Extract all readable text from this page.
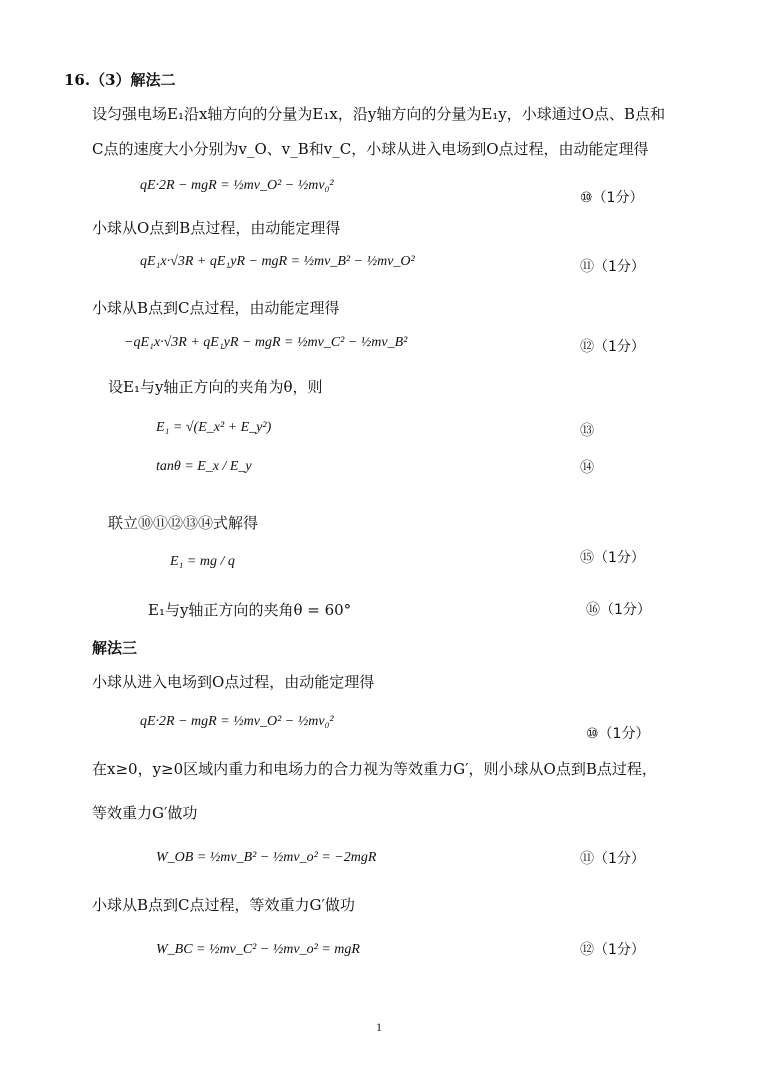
16.（3）解法二
设匀强电场E₁沿x轴方向的分量为E₁x，沿y轴方向的分量为E₁y，小球通过O点、B点和
C点的速度大小分别为v_O、v_B和v_C，小球从进入电场到O点过程，由动能定理得
qE·2R − mgR = ½mv_O² − ½mv₀²
⑩（1分）
小球从O点到B点过程，由动能定理得
qE₁x·√3R + qE₁yR − mgR = ½mv_B² − ½mv_O²	⑪（1分）
小球从B点到C点过程，由动能定理得
−qE₁x·√3R + qE₁yR − mgR = ½mv_C² − ½mv_B²	⑫（1分）
设E₁与y轴正方向的夹角为θ，则
E₁ = √(E_x² + E_y²)	⑬
tanθ = E_x / E_y	⑭
联立⑩⑪⑫⑬⑭式解得
E₁ = mg / q	⑮（1分）
E₁与y轴正方向的夹角θ = 60°	⑯（1分）
解法三
小球从进入电场到O点过程，由动能定理得
qE·2R − mgR = ½mv_O² − ½mv₀²
⑩（1分）
在x≥0，y≥0区域内重力和电场力的合力视为等效重力G′，则小球从O点到B点过程，
等效重力G′做功
W_OB = ½mv_B² − ½mv_o² = −2mgR	⑪（1分）
小球从B点到C点过程，等效重力G′做功
W_BC = ½mv_C² − ½mv_o² = mgR	⑫（1分）
1
